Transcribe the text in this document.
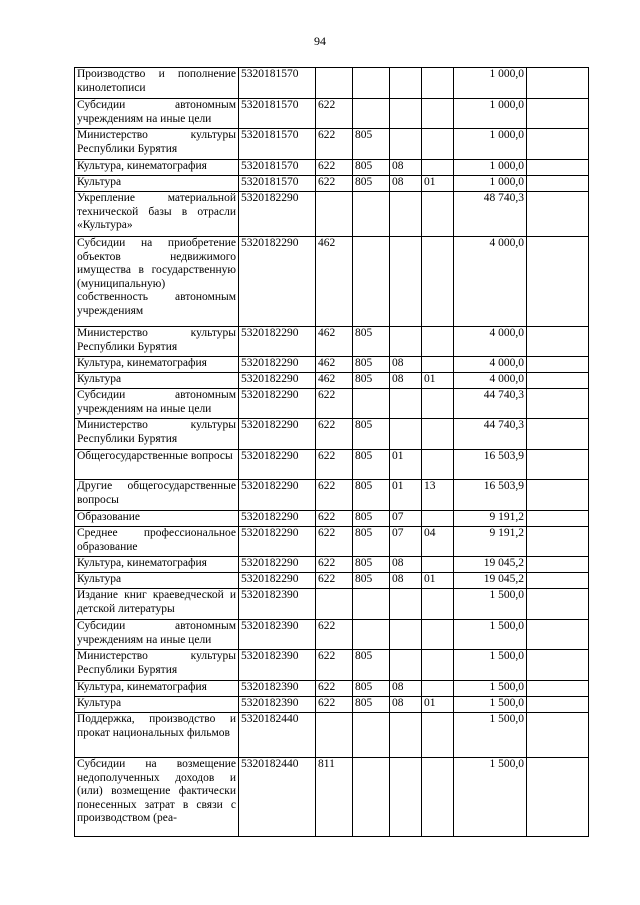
94
Производство и пополнение кинолетописи	5320181570					1 000,0	
Субсидии автономным учреждениям на иные цели	5320181570	622				1 000,0	
Министерство культуры Республики Бурятия	5320181570	622	805			1 000,0	
Культура, кинематография	5320181570	622	805	08		1 000,0	
Культура	5320181570	622	805	08	01	1 000,0	
Укрепление материальной технической базы в отрасли «Культура»	5320182290					48 740,3	
Субсидии на приобретение объектов недвижимого имущества в государственную (муниципальную) собственность автономным учреждениям	5320182290	462				4 000,0	
Министерство культуры Республики Бурятия	5320182290	462	805			4 000,0	
Культура, кинематография	5320182290	462	805	08		4 000,0	
Культура	5320182290	462	805	08	01	4 000,0	
Субсидии автономным учреждениям на иные цели	5320182290	622				44 740,3	
Министерство культуры Республики Бурятия	5320182290	622	805			44 740,3	
Общегосударственные вопросы	5320182290	622	805	01		16 503,9	
Другие общегосударственные вопросы	5320182290	622	805	01	13	16 503,9	
Образование	5320182290	622	805	07		9 191,2	
Среднее профессиональное образование	5320182290	622	805	07	04	9 191,2	
Культура, кинематография	5320182290	622	805	08		19 045,2	
Культура	5320182290	622	805	08	01	19 045,2	
Издание книг краеведческой и детской литературы	5320182390					1 500,0	
Субсидии автономным учреждениям на иные цели	5320182390	622				1 500,0	
Министерство культуры Республики Бурятия	5320182390	622	805			1 500,0	
Культура, кинематография	5320182390	622	805	08		1 500,0	
Культура	5320182390	622	805	08	01	1 500,0	
Поддержка, производство и прокат национальных фильмов	5320182440					1 500,0	
Субсидии на возмещение недополученных доходов и (или) возмещение фактически понесенных затрат в связи с производством (реа-	5320182440	811				1 500,0	
